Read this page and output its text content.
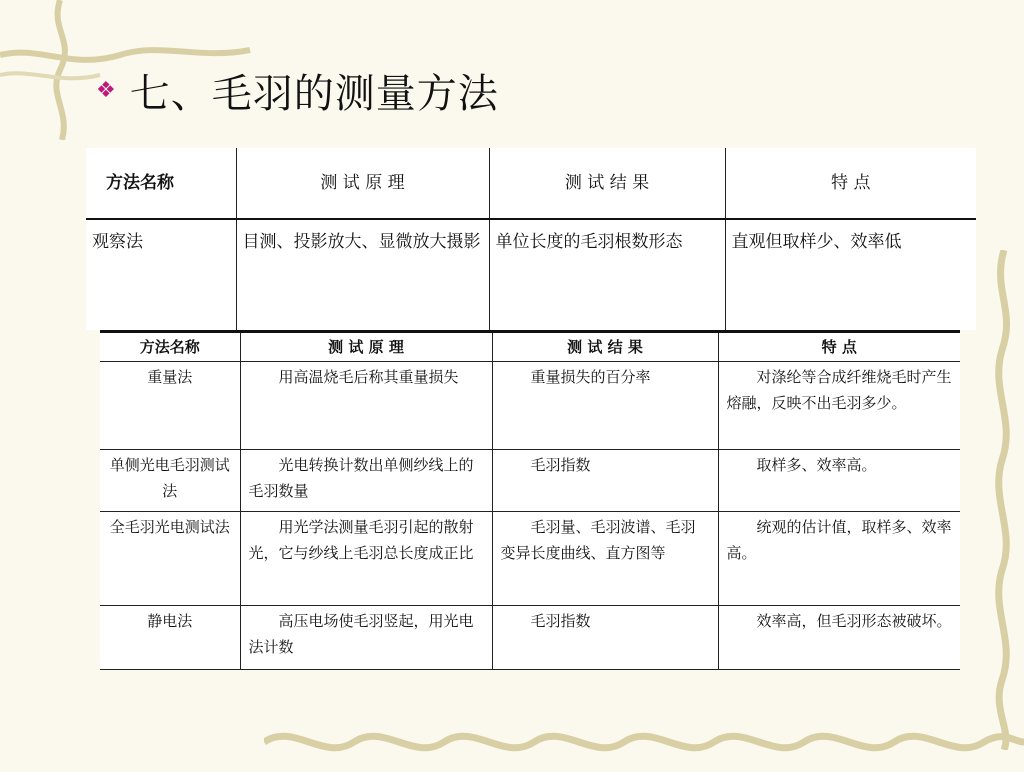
❖ 七、毛羽的测量方法
方法名称	测 试 原 理	测 试 结 果	特 点
观察法	目测、投影放大、显微放大摄影	单位长度的毛羽根数形态	直观但取样少、效率低
方法名称	测 试 原 理	测 试 结 果	特 点
重量法	用高温烧毛后称其重量损失	重量损失的百分率	对涤纶等合成纤维烧毛时产生熔融，反映不出毛羽多少。
单侧光电毛羽测试法	光电转换计数出单侧纱线上的毛羽数量	毛羽指数	取样多、效率高。
全毛羽光电测试法	用光学法测量毛羽引起的散射光，它与纱线上毛羽总长度成正比	毛羽量、毛羽波谱、毛羽变异长度曲线、直方图等	统观的估计值，取样多、效率高。
静电法	高压电场使毛羽竖起，用光电法计数	毛羽指数	效率高，但毛羽形态被破坏。
